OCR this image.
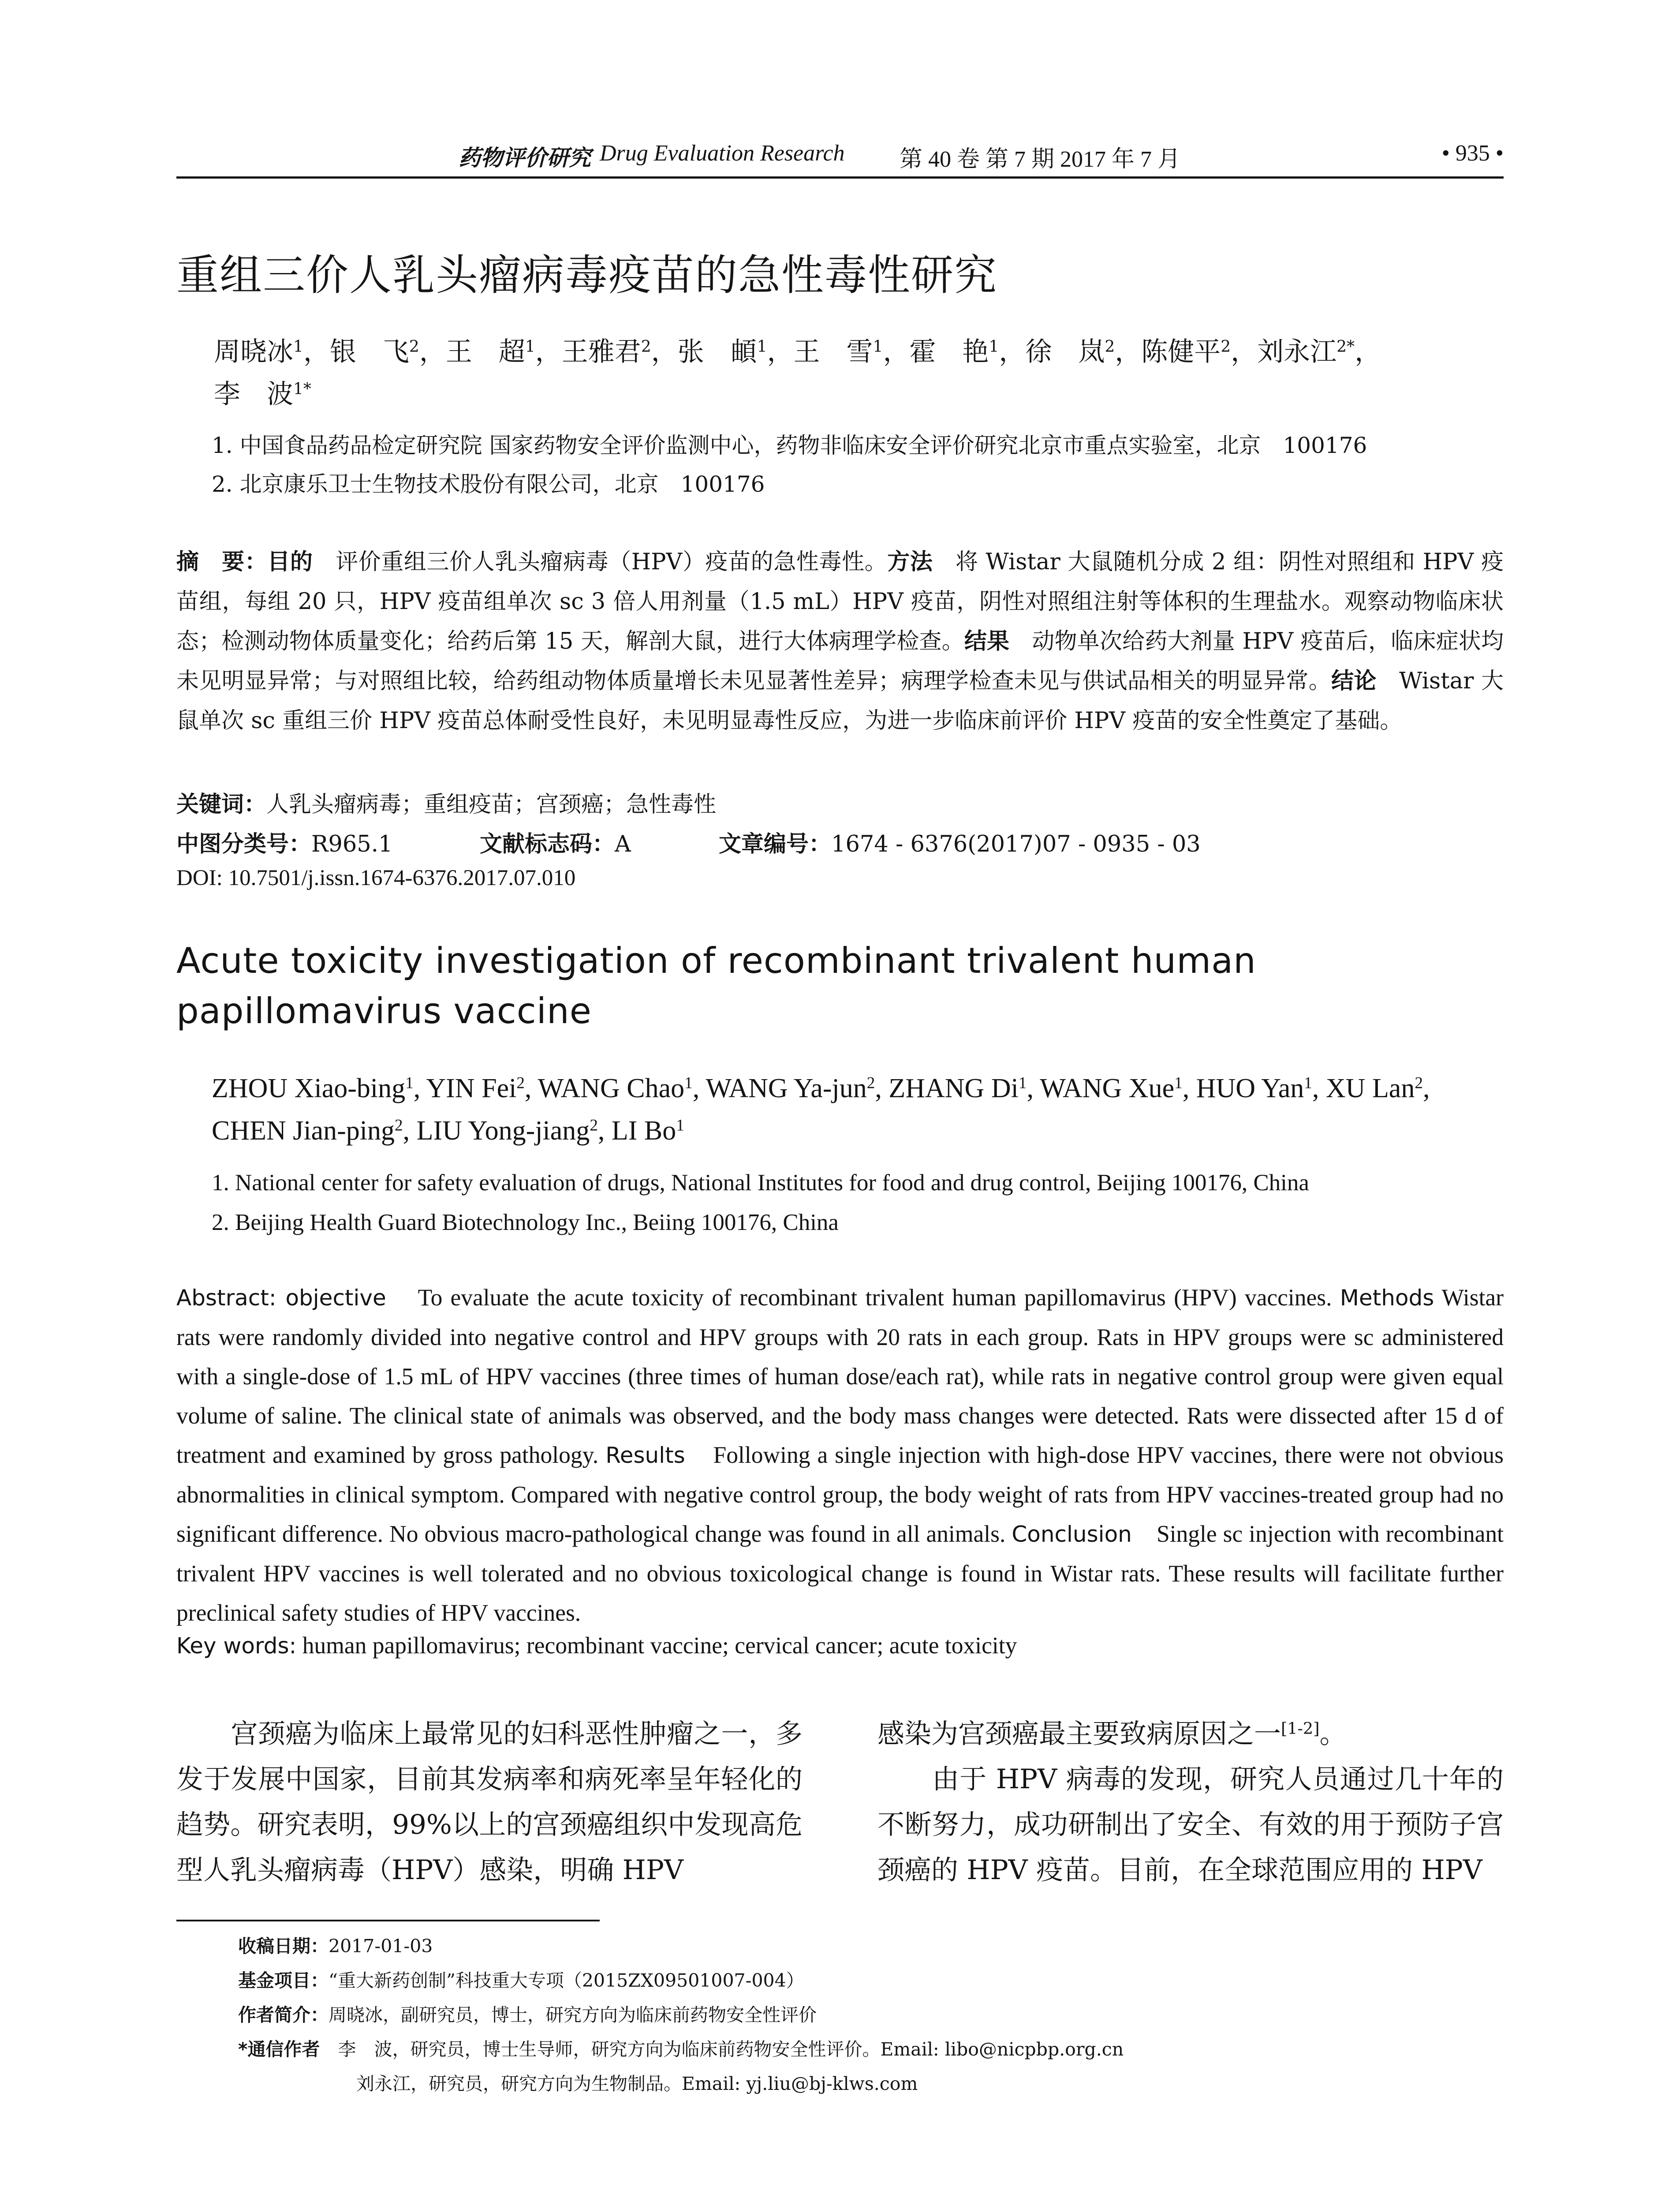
药物评价研究 Drug Evaluation Research 第 40 卷 第 7 期 2017 年 7 月	• 935 •
重组三价人乳头瘤病毒疫苗的急性毒性研究
周晓冰$^1$，银　飞$^2$，王　超$^1$，王雅君$^2$，张　頔$^1$，王　雪$^1$，霍　艳$^1$，徐　岚$^2$，陈健平$^2$，刘永江$^{2*}$，
李　波$^{1*}$
1. 中国食品药品检定研究院 国家药物安全评价监测中心，药物非临床安全评价研究北京市重点实验室，北京　100176
2. 北京康乐卫士生物技术股份有限公司，北京　100176
摘　要：目的　评价重组三价人乳头瘤病毒（HPV）疫苗的急性毒性。方法　将 Wistar 大鼠随机分成 2 组：阴性对照组和 HPV 疫苗组，每组 20 只，HPV 疫苗组单次 sc 3 倍人用剂量（1.5 mL）HPV 疫苗，阴性对照组注射等体积的生理盐水。观察动物临床状态；检测动物体质量变化；给药后第 15 天，解剖大鼠，进行大体病理学检查。结果　动物单次给药大剂量 HPV 疫苗后，临床症状均未见明显异常；与对照组比较，给药组动物体质量增长未见显著性差异；病理学检查未见与供试品相关的明显异常。结论　Wistar 大鼠单次 sc 重组三价 HPV 疫苗总体耐受性良好，未见明显毒性反应，为进一步临床前评价 HPV 疫苗的安全性奠定了基础。
关键词：人乳头瘤病毒；重组疫苗；宫颈癌；急性毒性
中图分类号：R965.1	文献标志码：A	文章编号：1674 - 6376(2017)07 - 0935 - 03
DOI: 10.7501/j.issn.1674-6376.2017.07.010
Acute toxicity investigation of recombinant trivalent human papillomavirus vaccine
ZHOU Xiao-bing$^1$, YIN Fei$^2$, WANG Chao$^1$, WANG Ya-jun$^2$, ZHANG Di$^1$, WANG Xue$^1$, HUO Yan$^1$, XU Lan$^2$,
CHEN Jian-ping$^2$, LIU Yong-jiang$^2$, LI Bo$^1$
1. National center for safety evaluation of drugs, National Institutes for food and drug control, Beijing 100176, China
2. Beijing Health Guard Biotechnology Inc., Beiing 100176, China
Abstract: objective To evaluate the acute toxicity of recombinant trivalent human papillomavirus (HPV) vaccines. Methods Wistar rats were randomly divided into negative control and HPV groups with 20 rats in each group. Rats in HPV groups were sc administered with a single-dose of 1.5 mL of HPV vaccines (three times of human dose/each rat), while rats in negative control group were given equal volume of saline. The clinical state of animals was observed, and the body mass changes were detected. Rats were dissected after 15 d of treatment and examined by gross pathology. Results Following a single injection with high-dose HPV vaccines, there were not obvious abnormalities in clinical symptom. Compared with negative control group, the body weight of rats from HPV vaccines-treated group had no significant difference. No obvious macro-pathological change was found in all animals. Conclusion Single sc injection with recombinant trivalent HPV vaccines is well tolerated and no obvious toxicological change is found in Wistar rats. These results will facilitate further preclinical safety studies of HPV vaccines.
Key words: human papillomavirus; recombinant vaccine; cervical cancer; acute toxicity
　　宫颈癌为临床上最常见的妇科恶性肿瘤之一，多发于发展中国家，目前其发病率和病死率呈年轻化的趋势。研究表明，99%以上的宫颈癌组织中发现高危型人乳头瘤病毒（HPV）感染，明确 HPV
感染为宫颈癌最主要致病原因之一[1-2]。
　　由于 HPV 病毒的发现，研究人员通过几十年的不断努力，成功研制出了安全、有效的用于预防子宫颈癌的 HPV 疫苗。目前，在全球范围应用的 HPV
收稿日期：2017-01-03
基金项目：“重大新药创制”科技重大专项（2015ZX09501007-004）
作者简介：周晓冰，副研究员，博士，研究方向为临床前药物安全性评价
*通信作者　李　波，研究员，博士生导师，研究方向为临床前药物安全性评价。Email: libo@nicpbp.org.cn
刘永江，研究员，研究方向为生物制品。Email: yj.liu@bj-klws.com
